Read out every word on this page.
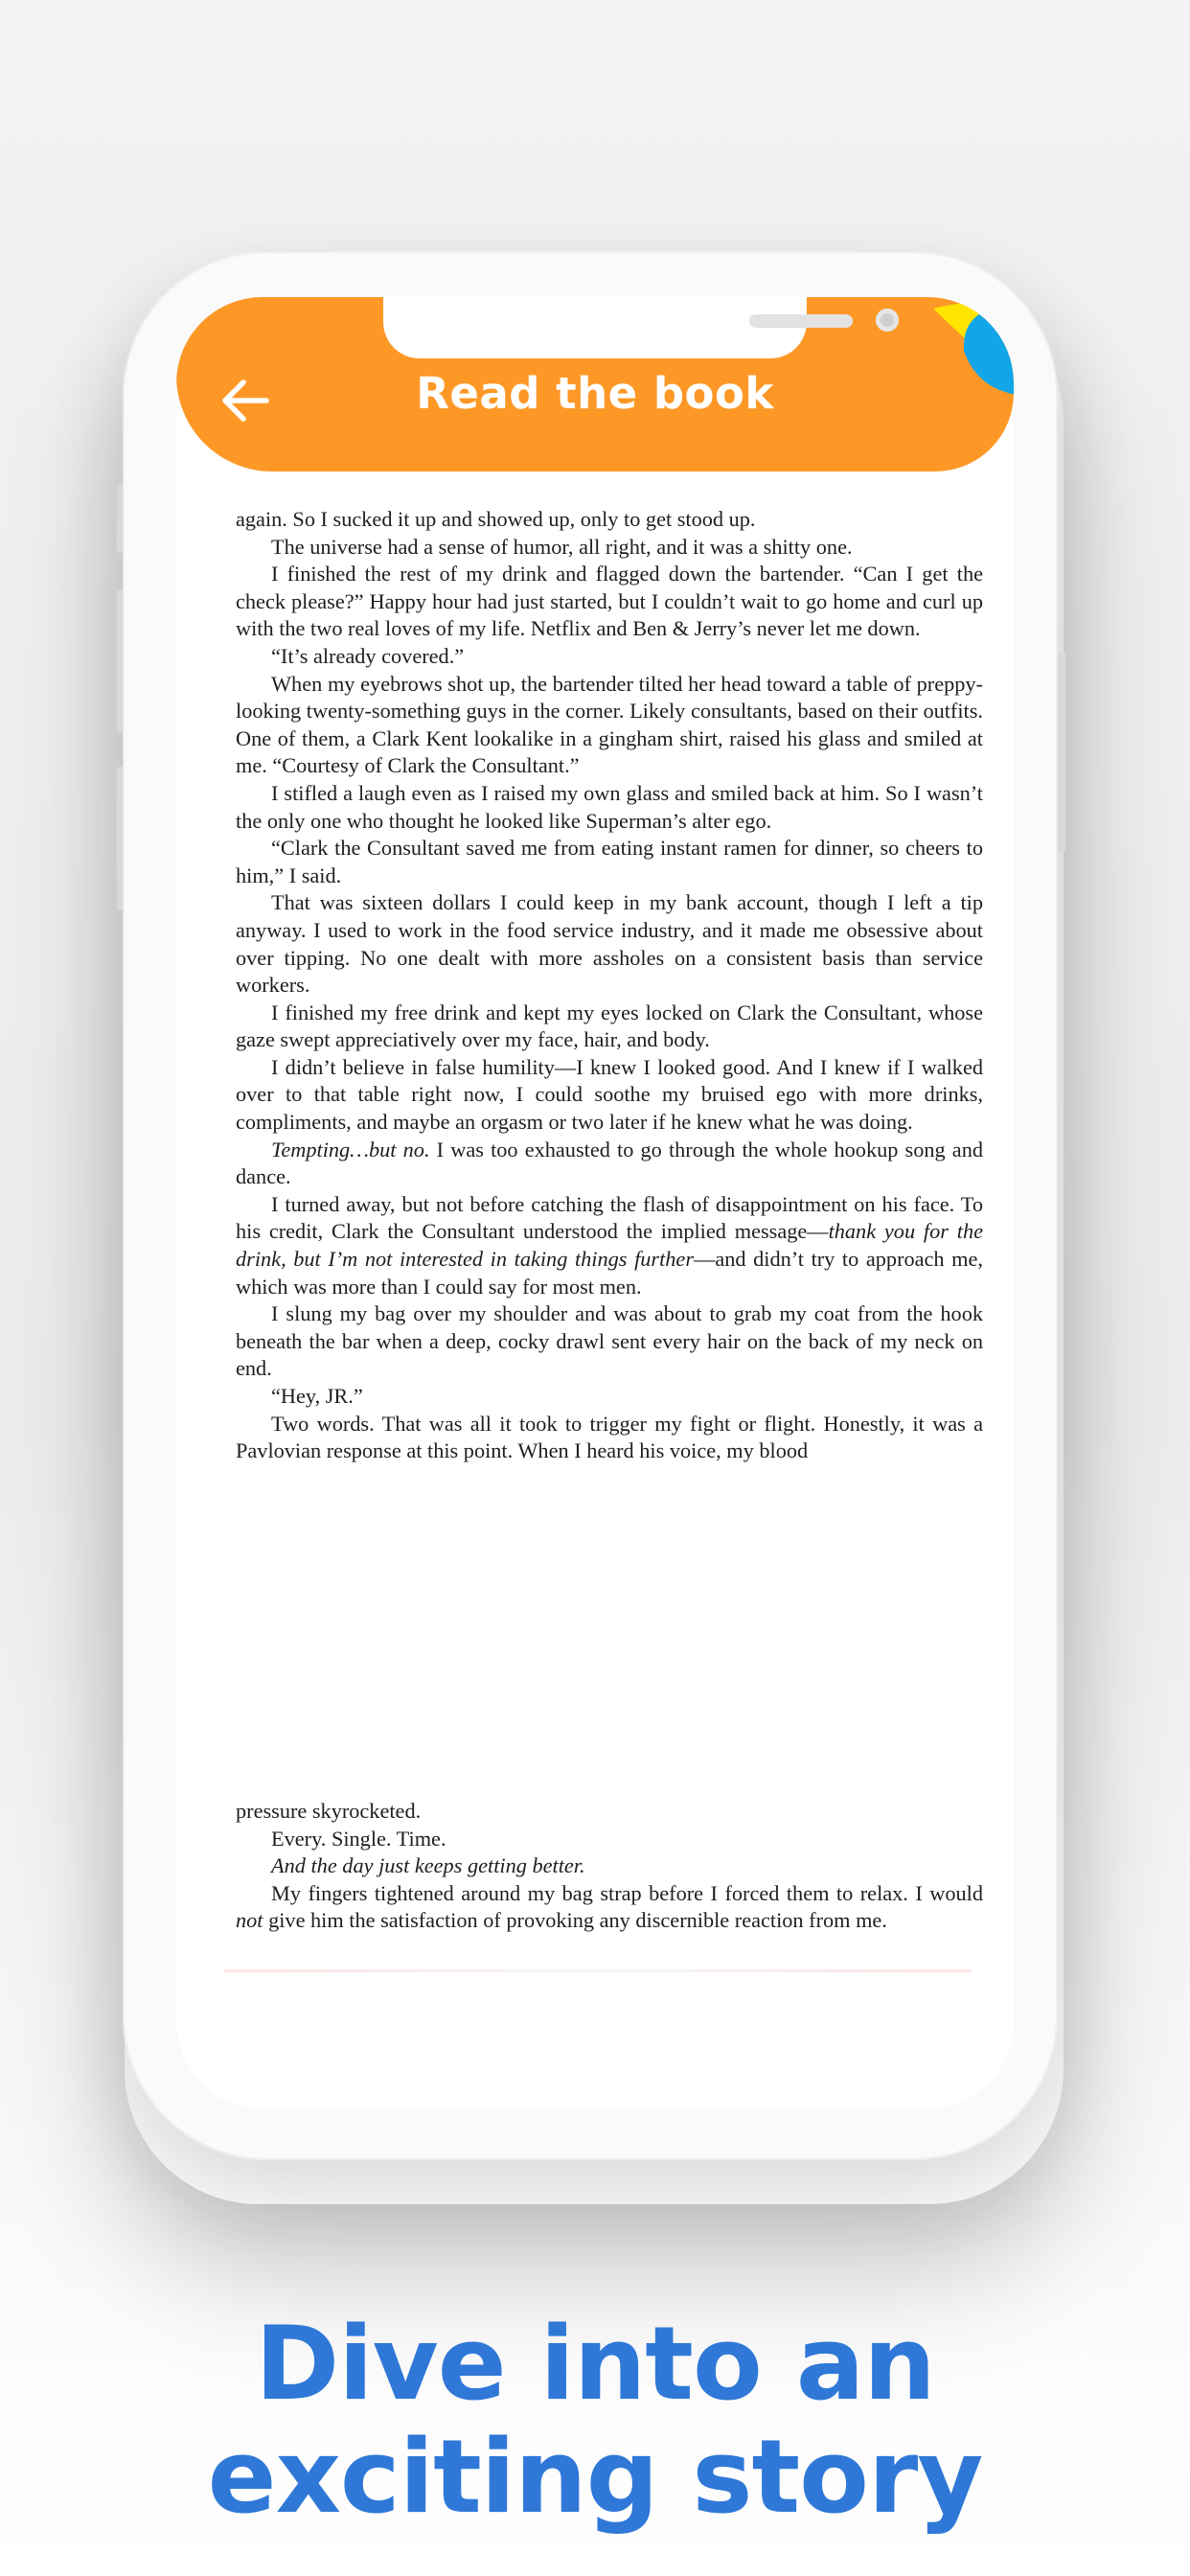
Read the book

again. So I sucked it up and showed up, only to get stood up.

The universe had a sense of humor, all right, and it was a shitty one.

I finished the rest of my drink and flagged down the bartender. “Can I get the check please?” Happy hour had just started, but I couldn’t wait to go home and curl up with the two real loves of my life. Netflix and Ben & Jerry’s never let me down.

“It’s already covered.”

When my eyebrows shot up, the bartender tilted her head toward a table of preppy-looking twenty-something guys in the corner. Likely consultants, based on their outfits. One of them, a Clark Kent lookalike in a gingham shirt, raised his glass and smiled at me. “Courtesy of Clark the Consultant.”

I stifled a laugh even as I raised my own glass and smiled back at him. So I wasn’t the only one who thought he looked like Superman’s alter ego.

“Clark the Consultant saved me from eating instant ramen for dinner, so cheers to him,” I said.

That was sixteen dollars I could keep in my bank account, though I left a tip anyway. I used to work in the food service industry, and it made me obsessive about over tipping. No one dealt with more assholes on a consistent basis than service workers.

I finished my free drink and kept my eyes locked on Clark the Consultant, whose gaze swept appreciatively over my face, hair, and body.

I didn’t believe in false humility—I knew I looked good. And I knew if I walked over to that table right now, I could soothe my bruised ego with more drinks, compliments, and maybe an orgasm or two later if he knew what he was doing.

Tempting…but no. I was too exhausted to go through the whole hookup song and dance.

I turned away, but not before catching the flash of disappointment on his face. To his credit, Clark the Consultant understood the implied message—thank you for the drink, but I’m not interested in taking things further—and didn’t try to approach me, which was more than I could say for most men.

I slung my bag over my shoulder and was about to grab my coat from the hook beneath the bar when a deep, cocky drawl sent every hair on the back of my neck on end.

“Hey, JR.”

Two words. That was all it took to trigger my fight or flight. Honestly, it was a Pavlovian response at this point. When I heard his voice, my blood

pressure skyrocketed.

Every. Single. Time.

And the day just keeps getting better.

My fingers tightened around my bag strap before I forced them to relax. I would not give him the satisfaction of provoking any discernible reaction from me.

Dive into an
exciting story
